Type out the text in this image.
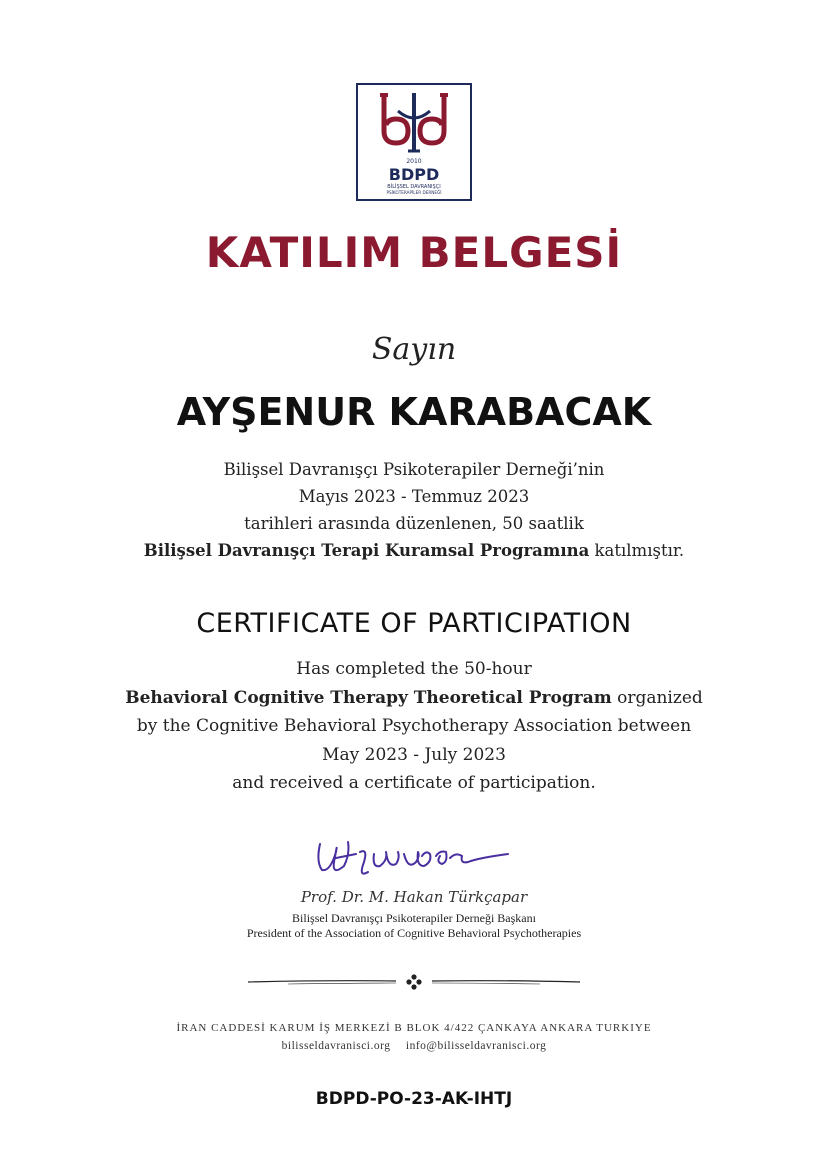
2010
BDPD
BİLİŞSEL DAVRANIŞÇI
PSİKOTERAPİLER DERNEĞİ
KATILIM BELGESİ
Sayın
AYŞENUR KARABACAK
Bilişsel Davranışçı Psikoterapiler Derneği’nin
Mayıs 2023 - Temmuz 2023
tarihleri arasında düzenlenen, 50 saatlik
Bilişsel Davranışçı Terapi Kuramsal Programına katılmıştır.
CERTIFICATE OF PARTICIPATION
Has completed the 50-hour
Behavioral Cognitive Therapy Theoretical Program organized
by the Cognitive Behavioral Psychotherapy Association between
May 2023 - July 2023
and received a certificate of participation.
Prof. Dr. M. Hakan Türkçapar
Bilişsel Davranışçı Psikoterapiler Derneği Başkanı
President of the Association of Cognitive Behavioral Psychotherapies
İRAN CADDESİ KARUM İŞ MERKEZİ B BLOK 4/422 ÇANKAYA ANKARA TURKIYE
bilisseldavranisci.org info@bilisseldavranisci.org
BDPD-PO-23-AK-IHTJ
